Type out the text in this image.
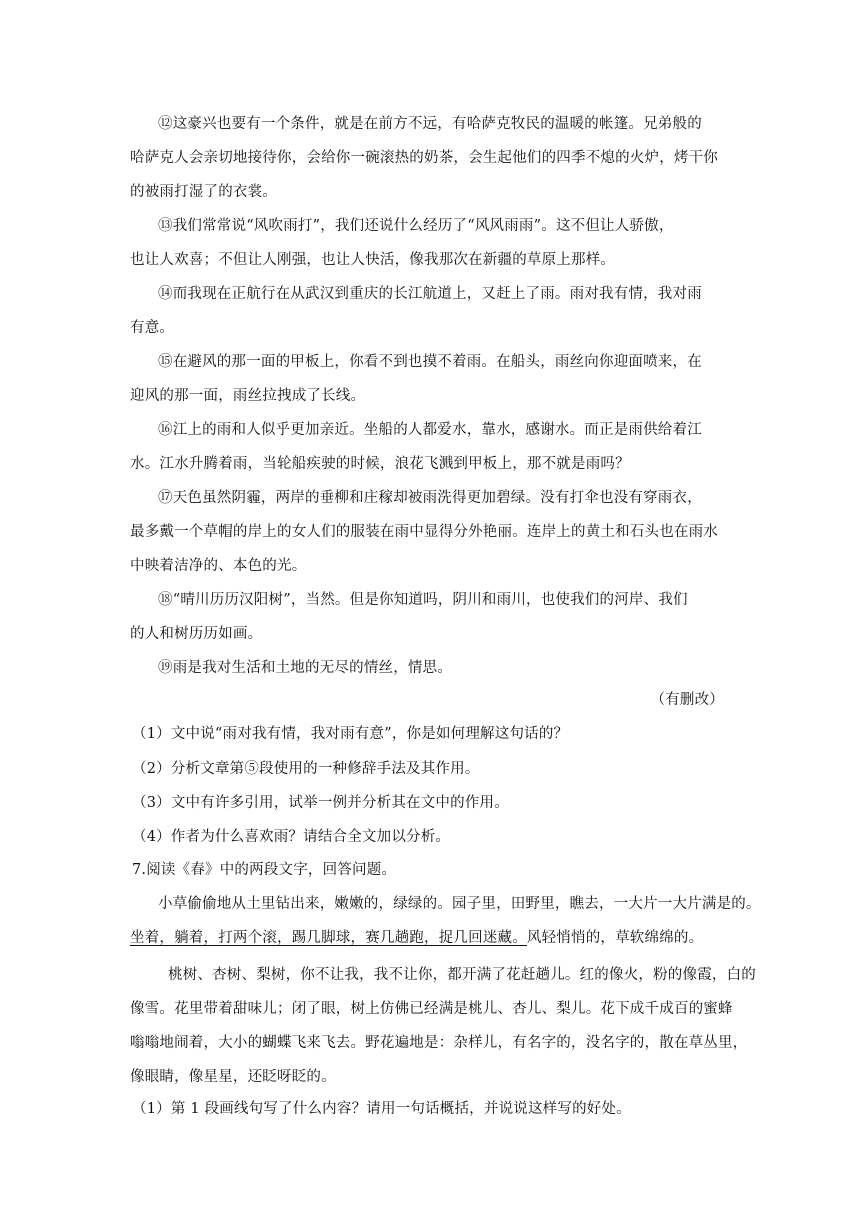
⑫这豪兴也要有一个条件，就是在前方不远，有哈萨克牧民的温暖的帐篷。兄弟般的
哈萨克人会亲切地接待你，会给你一碗滚热的奶茶，会生起他们的四季不熄的火炉，烤干你
的被雨打湿了的衣裳。
⑬我们常常说“风吹雨打”，我们还说什么经历了“风风雨雨”。这不但让人骄傲，
也让人欢喜；不但让人刚强，也让人快活，像我那次在新疆的草原上那样。
⑭而我现在正航行在从武汉到重庆的长江航道上，又赶上了雨。雨对我有情，我对雨
有意。
⑮在避风的那一面的甲板上，你看不到也摸不着雨。在船头，雨丝向你迎面喷来，在
迎风的那一面，雨丝拉拽成了长线。
⑯江上的雨和人似乎更加亲近。坐船的人都爱水，靠水，感谢水。而正是雨供给着江
水。江水升腾着雨，当轮船疾驶的时候，浪花飞溅到甲板上，那不就是雨吗？
⑰天色虽然阴霾，两岸的垂柳和庄稼却被雨洗得更加碧绿。没有打伞也没有穿雨衣，
最多戴一个草帽的岸上的女人们的服装在雨中显得分外艳丽。连岸上的黄土和石头也在雨水
中映着洁净的、本色的光。
⑱“晴川历历汉阳树”，当然。但是你知道吗，阴川和雨川，也使我们的河岸、我们
的人和树历历如画。
⑲雨是我对生活和土地的无尽的情丝，情思。
（有删改）
（1）文中说“雨对我有情，我对雨有意”，你是如何理解这句话的？
（2）分析文章第⑤段使用的一种修辞手法及其作用。
（3）文中有许多引用，试举一例并分析其在文中的作用。
（4）作者为什么喜欢雨？请结合全文加以分析。
7.阅读《春》中的两段文字，回答问题。
小草偷偷地从土里钻出来，嫩嫩的，绿绿的。园子里，田野里，瞧去，一大片一大片满是的。
坐着，躺着，打两个滚，踢几脚球，赛几趟跑，捉几回迷藏。风轻悄悄的，草软绵绵的。
桃树、杏树、梨树，你不让我，我不让你，都开满了花赶趟儿。红的像火，粉的像霞，白的
像雪。花里带着甜味儿；闭了眼，树上仿佛已经满是桃儿、杏儿、梨儿。花下成千成百的蜜蜂
嗡嗡地闹着，大小的蝴蝶飞来飞去。野花遍地是：杂样儿，有名字的，没名字的，散在草丛里，
像眼睛，像星星，还眨呀眨的。
（1）第 1 段画线句写了什么内容？请用一句话概括，并说说这样写的好处。
